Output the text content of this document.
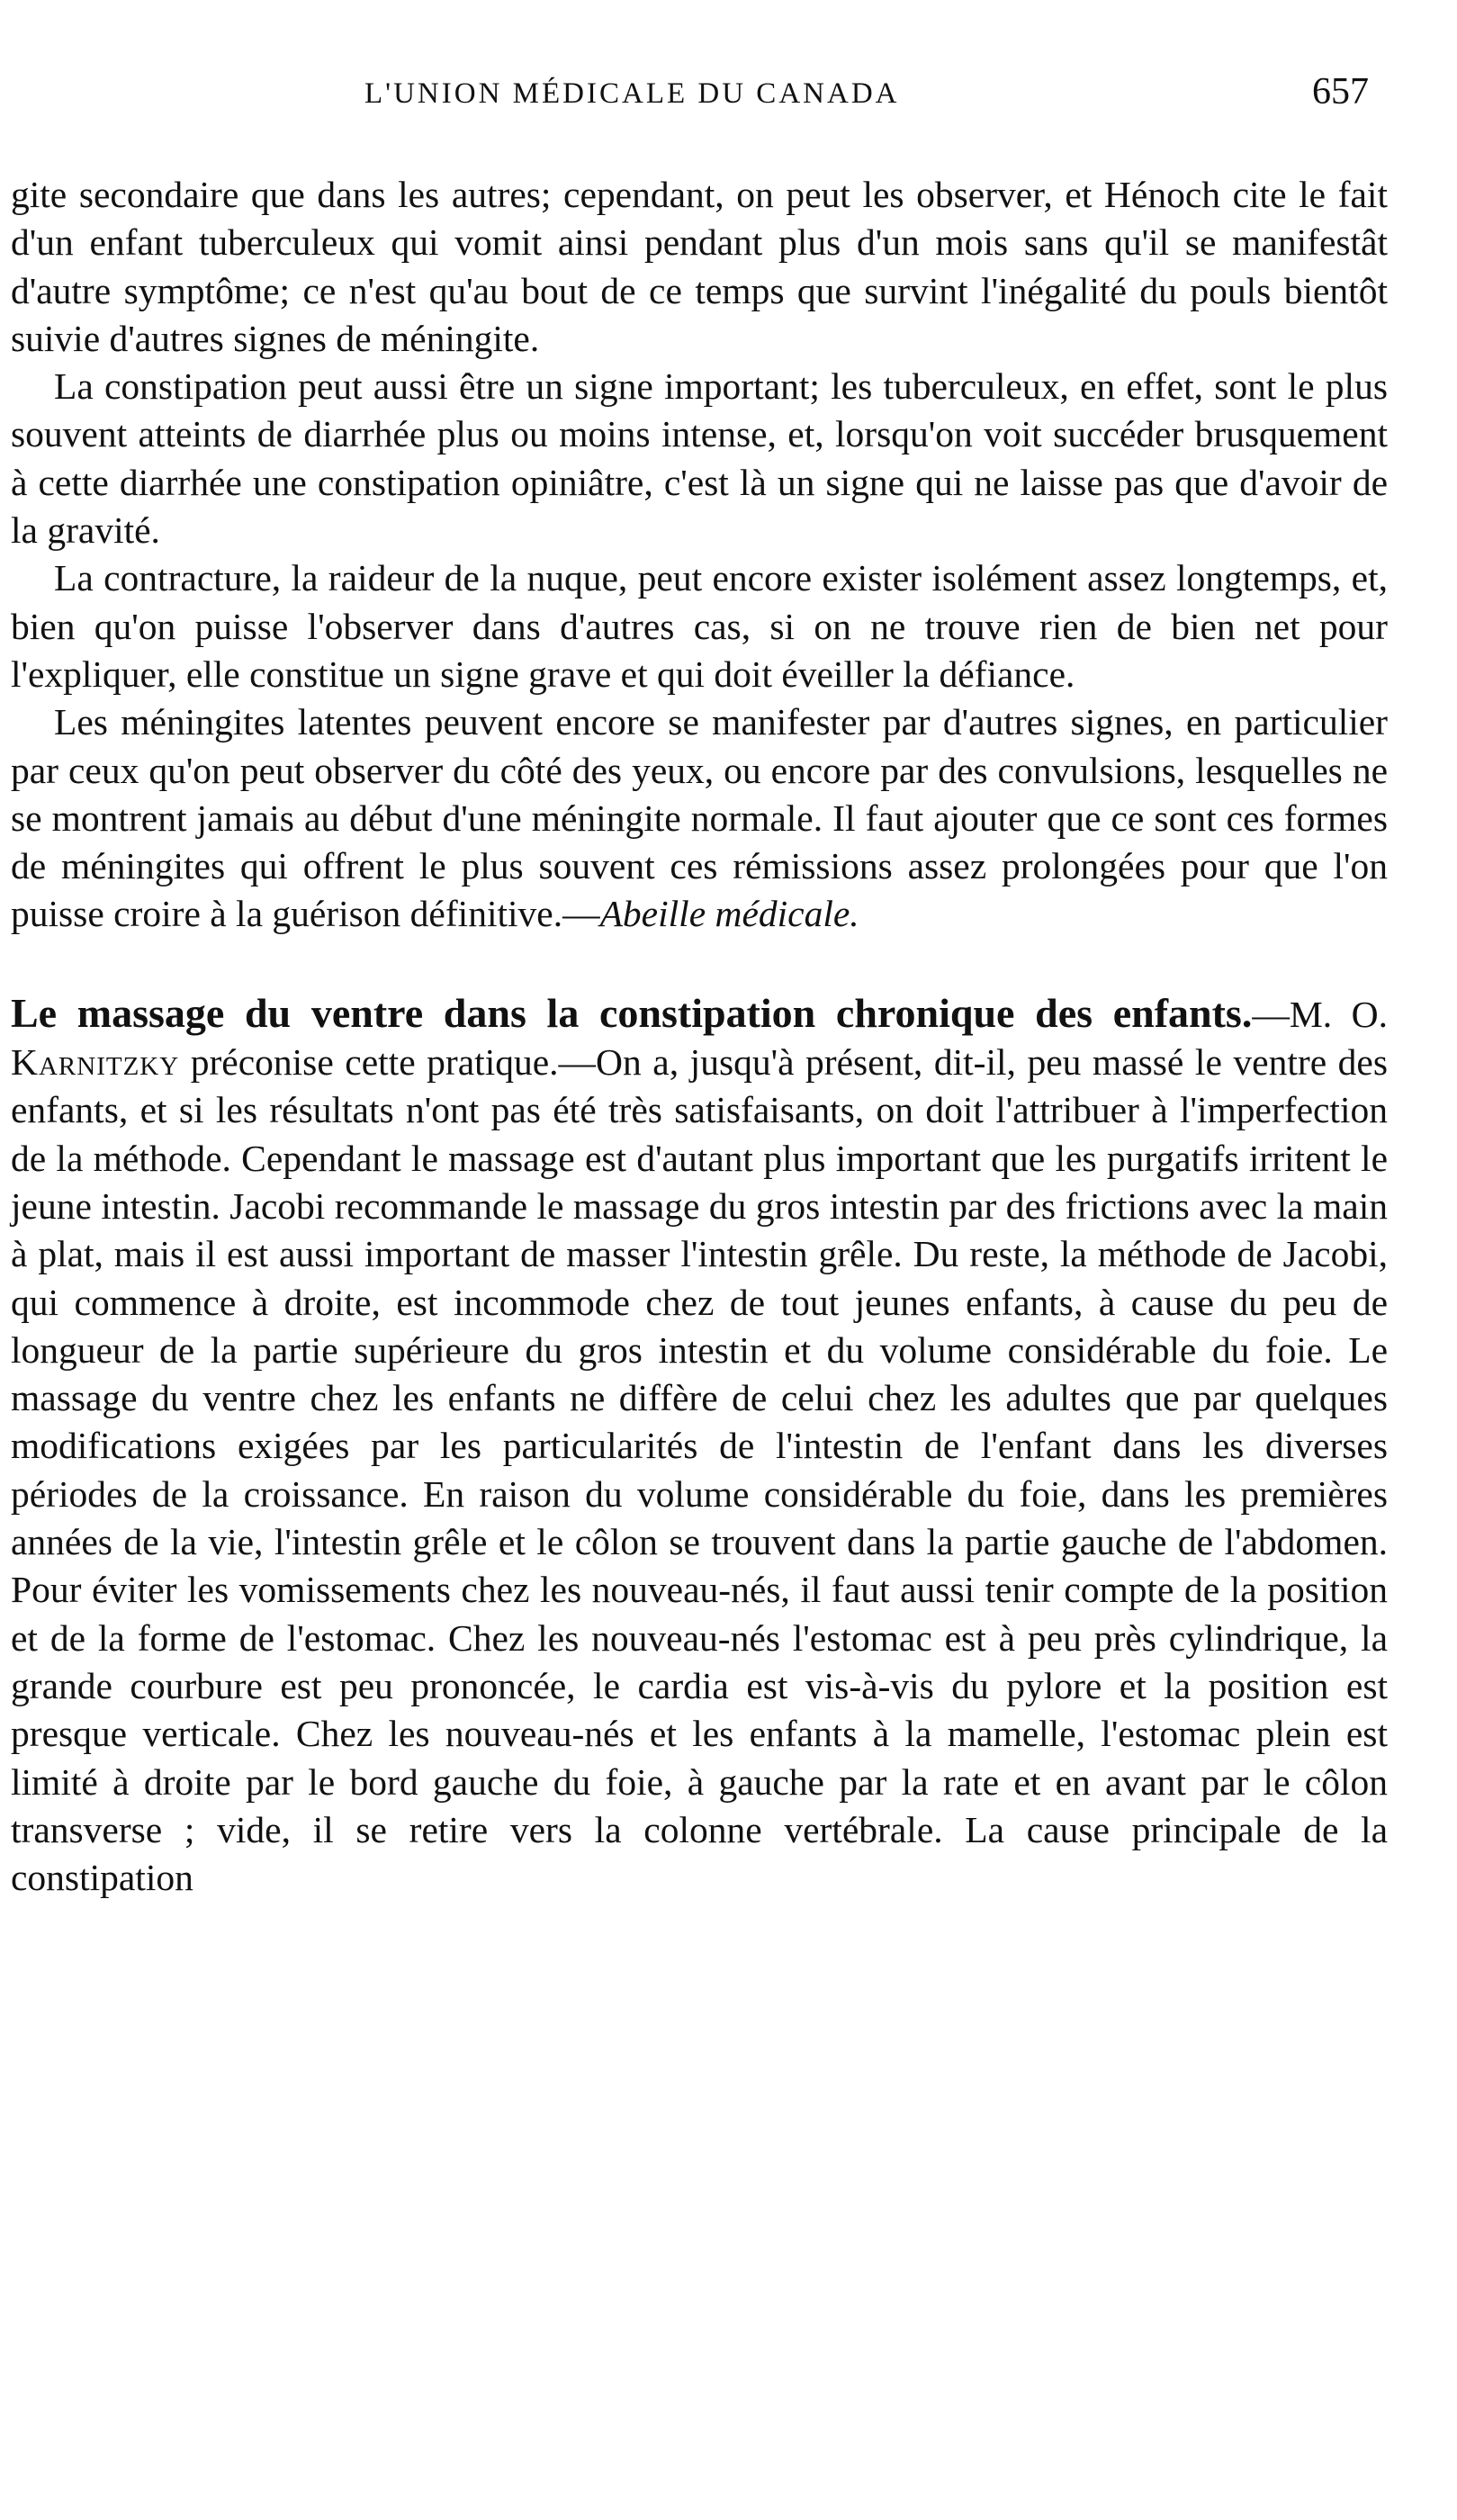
L'UNION MÉDICALE DU CANADA	657

gite secondaire que dans les autres; cependant, on peut les observer, et Hénoch cite le fait d'un enfant tuberculeux qui vomit ainsi pendant plus d'un mois sans qu'il se manifestât d'autre symptôme; ce n'est qu'au bout de ce temps que survint l'inégalité du pouls bientôt suivie d'autres signes de méningite.

La constipation peut aussi être un signe important; les tuberculeux, en effet, sont le plus souvent atteints de diarrhée plus ou moins intense, et, lorsqu'on voit succéder brusquement à cette diarrhée une constipation opiniâtre, c'est là un signe qui ne laisse pas que d'avoir de la gravité.

La contracture, la raideur de la nuque, peut encore exister isolément assez longtemps, et, bien qu'on puisse l'observer dans d'autres cas, si on ne trouve rien de bien net pour l'expliquer, elle constitue un signe grave et qui doit éveiller la défiance.

Les méningites latentes peuvent encore se manifester par d'autres signes, en particulier par ceux qu'on peut observer du côté des yeux, ou encore par des convulsions, lesquelles ne se montrent jamais au début d'une méningite normale. Il faut ajouter que ce sont ces formes de méningites qui offrent le plus souvent ces rémissions assez prolongées pour que l'on puisse croire à la guérison définitive.—Abeille médicale.

Le massage du ventre dans la constipation chronique des enfants.—M. O. Karnitzky préconise cette pratique.—On a, jusqu'à présent, dit-il, peu massé le ventre des enfants, et si les résultats n'ont pas été très satisfaisants, on doit l'attribuer à l'imperfection de la méthode. Cependant le massage est d'autant plus important que les purgatifs irritent le jeune intestin. Jacobi recommande le massage du gros intestin par des frictions avec la main à plat, mais il est aussi important de masser l'intestin grêle. Du reste, la méthode de Jacobi, qui commence à droite, est incommode chez de tout jeunes enfants, à cause du peu de longueur de la partie supérieure du gros intestin et du volume considérable du foie. Le massage du ventre chez les enfants ne diffère de celui chez les adultes que par quelques modifications exigées par les particularités de l'intestin de l'enfant dans les diverses périodes de la croissance. En raison du volume considérable du foie, dans les premières années de la vie, l'intestin grêle et le côlon se trouvent dans la partie gauche de l'abdomen. Pour éviter les vomissements chez les nouveau-nés, il faut aussi tenir compte de la position et de la forme de l'estomac. Chez les nouveau-nés l'estomac est à peu près cylindrique, la grande courbure est peu prononcée, le cardia est vis-à-vis du pylore et la position est presque verticale. Chez les nouveau-nés et les enfants à la mamelle, l'estomac plein est limité à droite par le bord gauche du foie, à gauche par la rate et en avant par le côlon transverse ; vide, il se retire vers la colonne vertébrale. La cause principale de la constipation
